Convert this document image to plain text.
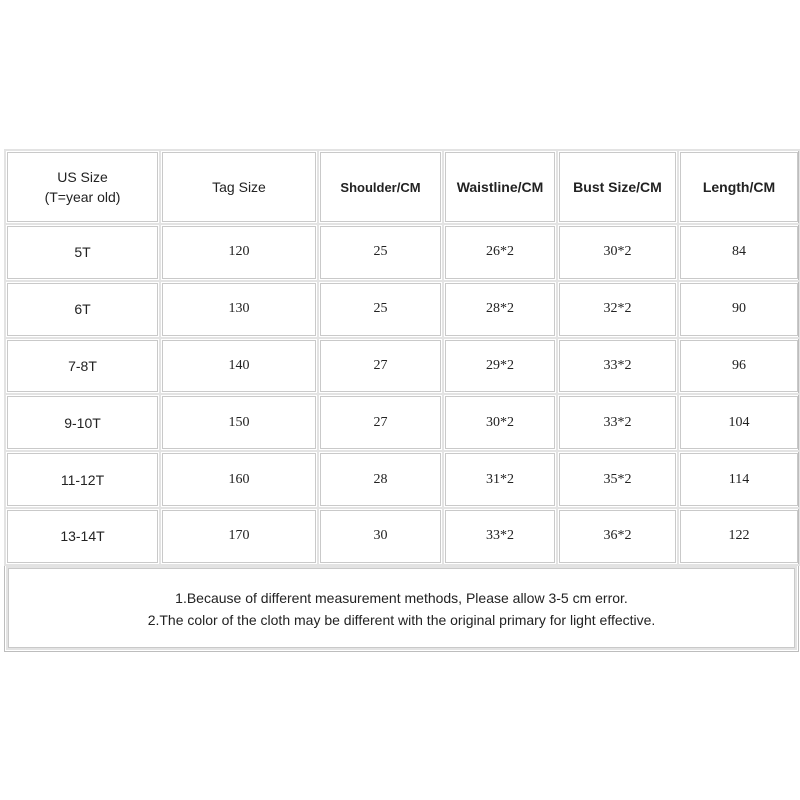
US Size
(T=year old)	Tag Size	Shoulder/CM	Waistline/CM	Bust Size/CM	Length/CM
5T	120	25	26*2	30*2	84
6T	130	25	28*2	32*2	90
7-8T	140	27	29*2	33*2	96
9-10T	150	27	30*2	33*2	104
11-12T	160	28	31*2	35*2	114
13-14T	170	30	33*2	36*2	122
1.Because of different measurement methods, Please allow 3-5 cm error.
2.The color of the cloth may be different with the original primary for light effective.
